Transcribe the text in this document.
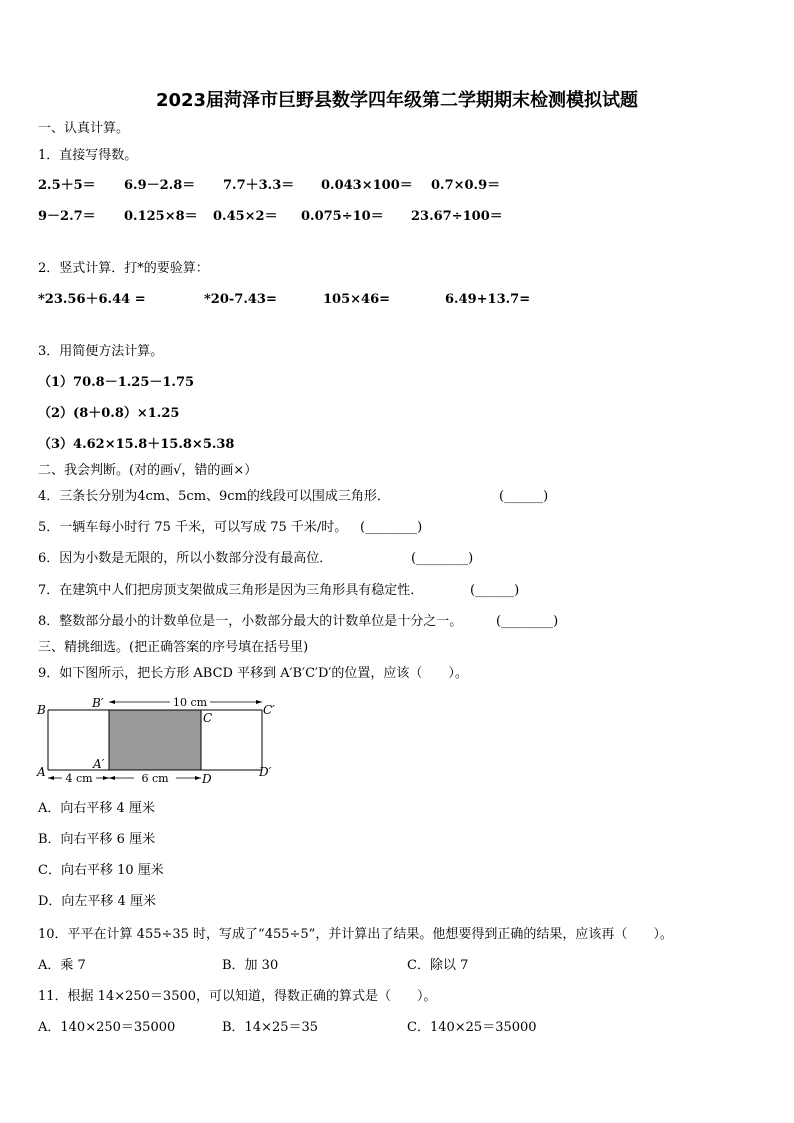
2023届菏泽市巨野县数学四年级第二学期期末检测模拟试题
一、认真计算。
1．直接写得数。
2.5＋5＝ 6.9－2.8＝ 7.7＋3.3＝ 0.043×100＝ 0.7×0.9＝
9－2.7＝ 0.125×8＝ 0.45×2＝ 0.075÷10＝ 23.67÷100＝
2．竖式计算．打*的要验算：
*23.56＋6.44 =	*20-7.43=	105×46=	6.49+13.7=
3．用简便方法计算。
（1）70.8－1.25－1.75
（2）(8＋0.8）×1.25
（3）4.62×15.8＋15.8×5.38
二、我会判断。(对的画√，错的画×）
4．三条长分别为4cm、5cm、9cm的线段可以围成三角形．	(______)
5．一辆车每小时行 75 千米，可以写成 75 千米/时。 (________)
6．因为小数是无限的，所以小数部分没有最高位．	(________)
7．在建筑中人们把房顶支架做成三角形是因为三角形具有稳定性．	(______)
8．整数部分最小的计数单位是一，小数部分最大的计数单位是十分之一。	(________)
三、精挑细选。(把正确答案的序号填在括号里)
9．如下图所示，把长方形 ABCD 平移到 A′B′C′D′的位置，应该（　　）。
10 cm
4 cm	6 cm
B	B′
C
C′
A
A′
D	D′
A．向右平移 4 厘米
B．向右平移 6 厘米
C．向右平移 10 厘米
D．向左平移 4 厘米
10．平平在计算 455÷35 时，写成了“455÷5”，并计算出了结果。他想要得到正确的结果，应该再（　　）。
A．乘 7	B．加 30	C．除以 7
11．根据 14×250＝3500，可以知道，得数正确的算式是（　　）。
A．140×250＝35000	B．14×25＝35	C．140×25＝35000
